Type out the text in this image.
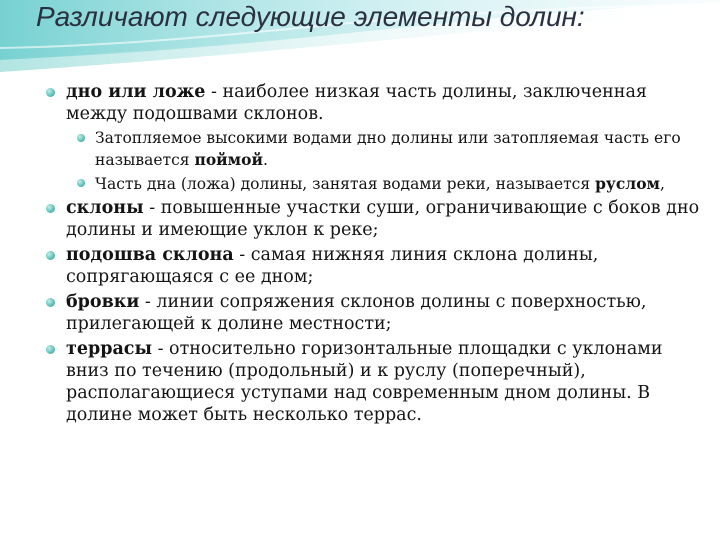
Различают следующие элементы долин:
дно или ложе - наиболее низкая часть долины, заключенная между подошвами склонов.
Затопляемое высокими водами дно долины или затопляемая часть его называется поймой.
Часть дна (ложа) долины, занятая водами реки, называется руслом,
склоны - повышенные участки суши, ограничивающие с боков дно долины и имеющие уклон к реке;
подошва склона - самая нижняя линия склона долины, сопрягающаяся с ее дном;
бровки - линии сопряжения склонов долины с поверхностью, прилегающей к долине местности;
террасы - относительно горизонтальные площадки с уклонами вниз по течению (продольный) и к руслу (поперечный), располагающиеся уступами над современным дном долины. В долине может быть несколько террас.
